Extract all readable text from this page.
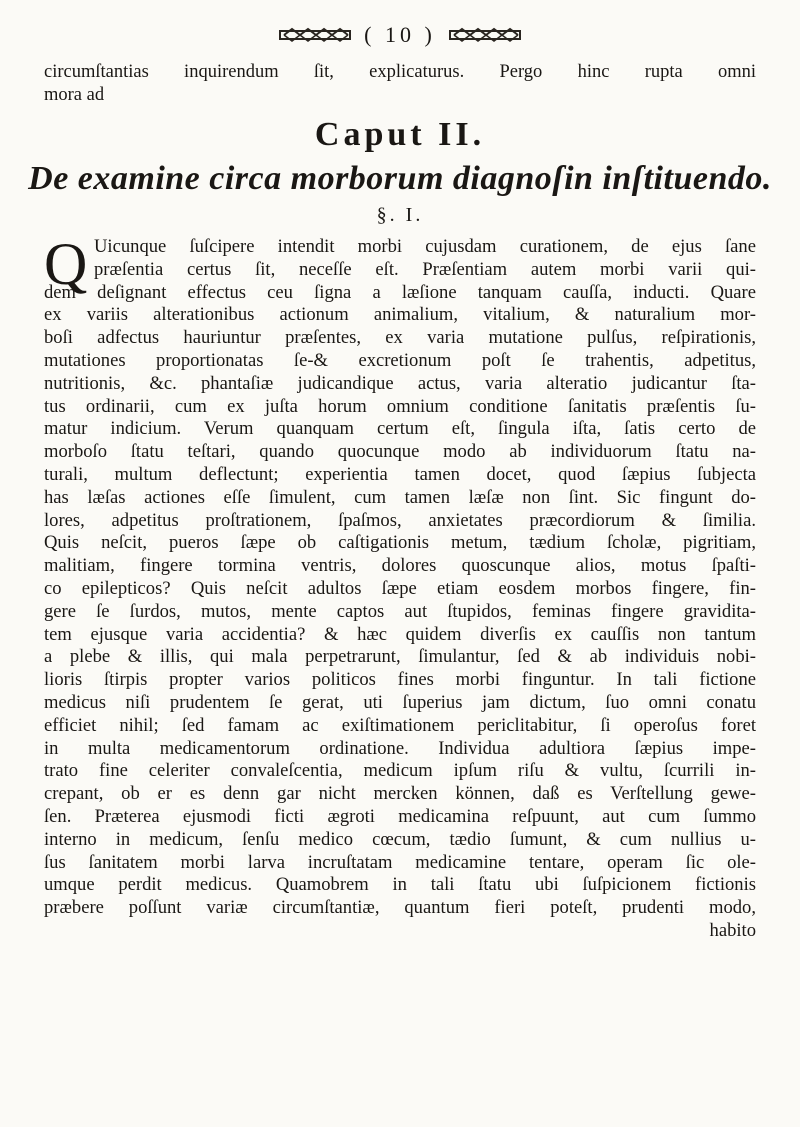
( 10 )
circumſtantias inquirendum ſit, explicaturus. Pergo hinc rupta omni
mora ad
Caput II.
De examine circa morborum diagnoſin inſtituendo.
§. I.
Q Uicunque ſuſcipere intendit morbi cujusdam curationem, de ejus ſane
præſentia certus ſit, neceſſe eſt. Præſentiam autem morbi varii qui-
dem deſignant effectus ceu ſigna a læſione tanquam cauſſa, inducti. Quare
ex variis alterationibus actionum animalium, vitalium, & naturalium mor-
boſi adfectus hauriuntur præſentes, ex varia mutatione pulſus, reſpirationis,
mutationes proportionatas ſe-& excretionum poſt ſe trahentis, adpetitus,
nutritionis, &c. phantaſiæ judicandique actus, varia alteratio judicantur ſta-
tus ordinarii, cum ex juſta horum omnium conditione ſanitatis præſentis ſu-
matur indicium. Verum quanquam certum eſt, ſingula iſta, ſatis certo de
morboſo ſtatu teſtari, quando quocunque modo ab individuorum ſtatu na-
turali, multum deflectunt; experientia tamen docet, quod ſæpius ſubjecta
has læſas actiones eſſe ſimulent, cum tamen læſæ non ſint. Sic fingunt do-
lores, adpetitus proſtrationem, ſpaſmos, anxietates præcordiorum & ſimilia.
Quis neſcit, pueros ſæpe ob caſtigationis metum, tædium ſcholæ, pigritiam,
malitiam, fingere tormina ventris, dolores quoscunque alios, motus ſpaſti-
co epilepticos? Quis neſcit adultos ſæpe etiam eosdem morbos fingere, fin-
gere ſe ſurdos, mutos, mente captos aut ſtupidos, feminas fingere gravidita-
tem ejusque varia accidentia? & hæc quidem diverſis ex cauſſis non tantum
a plebe & illis, qui mala perpetrarunt, ſimulantur, ſed & ab individuis nobi-
lioris ſtirpis propter varios politicos fines morbi finguntur. In tali fictione
medicus niſi prudentem ſe gerat, uti ſuperius jam dictum, ſuo omni conatu
efficiet nihil; ſed famam ac exiſtimationem periclitabitur, ſi operoſus foret
in multa medicamentorum ordinatione. Individua adultiora ſæpius impe-
trato fine celeriter convaleſcentia, medicum ipſum riſu & vultu, ſcurrili in-
crepant, ob er es denn gar nicht mercken können, daß es Verſtellung gewe-
ſen. Præterea ejusmodi ficti ægroti medicamina reſpuunt, aut cum ſummo
interno in medicum, ſenſu medico cœcum, tædio ſumunt, & cum nullius u-
ſus ſanitatem morbi larva incruſtatam medicamine tentare, operam ſic ole-
umque perdit medicus. Quamobrem in tali ſtatu ubi ſuſpicionem fictionis
præbere poſſunt variæ circumſtantiæ, quantum fieri poteſt, prudenti modo,
habito
